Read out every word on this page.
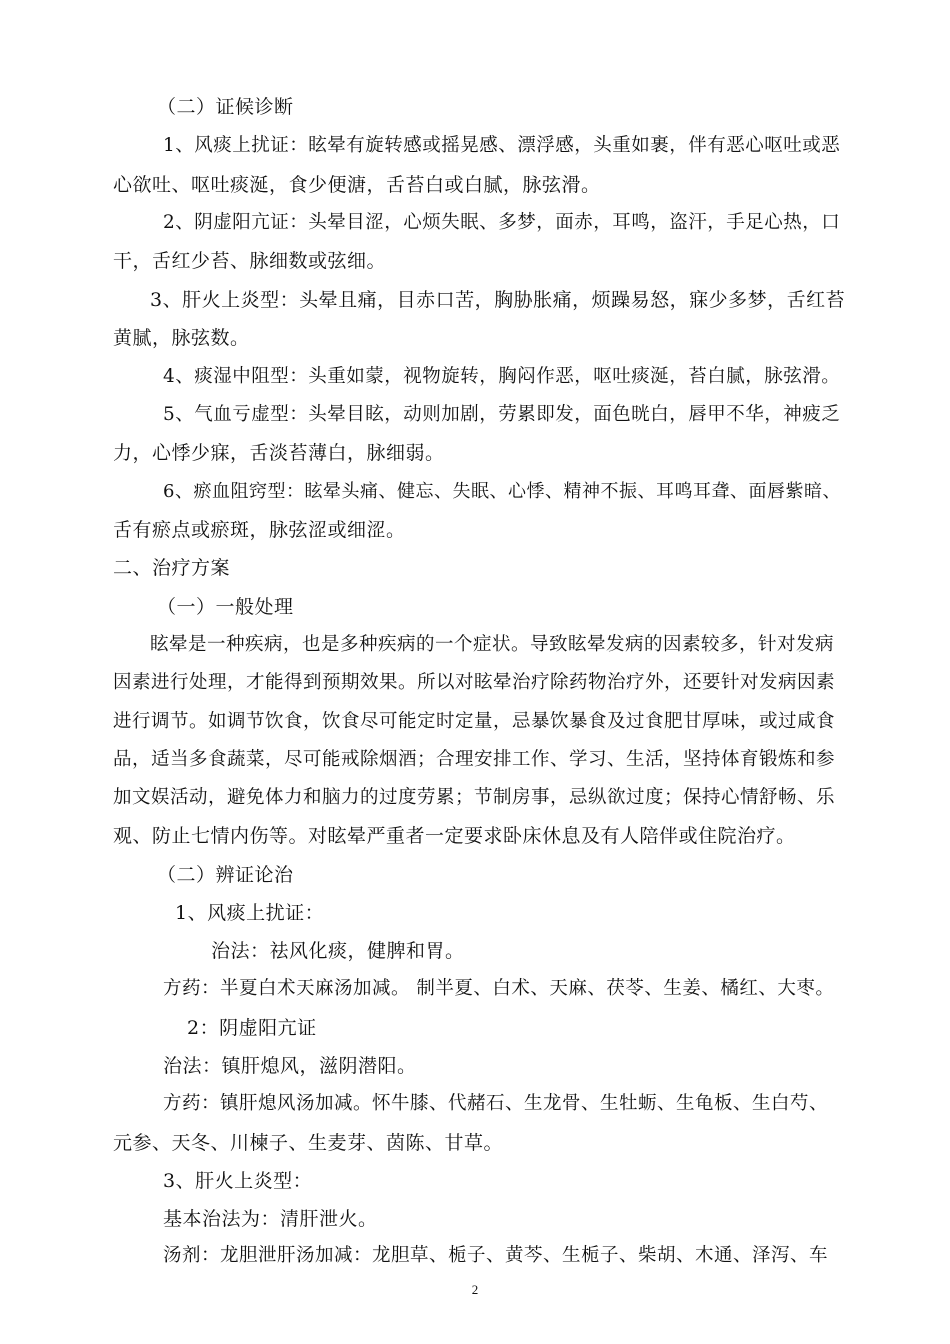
（二）证候诊断
1、风痰上扰证：眩晕有旋转感或摇晃感、漂浮感，头重如裹，伴有恶心呕吐或恶
心欲吐、呕吐痰涎，食少便溏，舌苔白或白腻，脉弦滑。
2、阴虚阳亢证：头晕目涩，心烦失眠、多梦，面赤，耳鸣，盗汗，手足心热，口
干，舌红少苔、脉细数或弦细。
3、肝火上炎型：头晕且痛，目赤口苦，胸胁胀痛，烦躁易怒，寐少多梦，舌红苔
黄腻，脉弦数。
4、痰湿中阻型：头重如蒙，视物旋转，胸闷作恶，呕吐痰涎，苔白腻，脉弦滑。
5、气血亏虚型：头晕目眩，动则加剧，劳累即发，面色晄白，唇甲不华，神疲乏
力，心悸少寐，舌淡苔薄白，脉细弱。
6、瘀血阻窍型：眩晕头痛、健忘、失眠、心悸、精神不振、耳鸣耳聋、面唇紫暗、
舌有瘀点或瘀斑，脉弦涩或细涩。
二、治疗方案
（一）一般处理
眩晕是一种疾病，也是多种疾病的一个症状。导致眩晕发病的因素较多，针对发病
因素进行处理，才能得到预期效果。所以对眩晕治疗除药物治疗外，还要针对发病因素
进行调节。如调节饮食，饮食尽可能定时定量，忌暴饮暴食及过食肥甘厚味，或过咸食
品，适当多食蔬菜，尽可能戒除烟酒；合理安排工作、学习、生活，坚持体育锻炼和参
加文娱活动，避免体力和脑力的过度劳累；节制房事，忌纵欲过度；保持心情舒畅、乐
观、防止七情内伤等。对眩晕严重者一定要求卧床休息及有人陪伴或住院治疗。
（二）辨证论治
1、风痰上扰证：
治法：祛风化痰，健脾和胃。
方药：半夏白术天麻汤加减。 制半夏、白术、天麻、茯苓、生姜、橘红、大枣。
2：阴虚阳亢证
治法：镇肝熄风，滋阴潜阳。
方药：镇肝熄风汤加减。怀牛膝、代赭石、生龙骨、生牡蛎、生龟板、生白芍、
元参、天冬、川楝子、生麦芽、茵陈、甘草。
3、肝火上炎型：
基本治法为：清肝泄火。
汤剂：龙胆泄肝汤加减：龙胆草、栀子、黄芩、生栀子、柴胡、木通、泽泻、车
2
